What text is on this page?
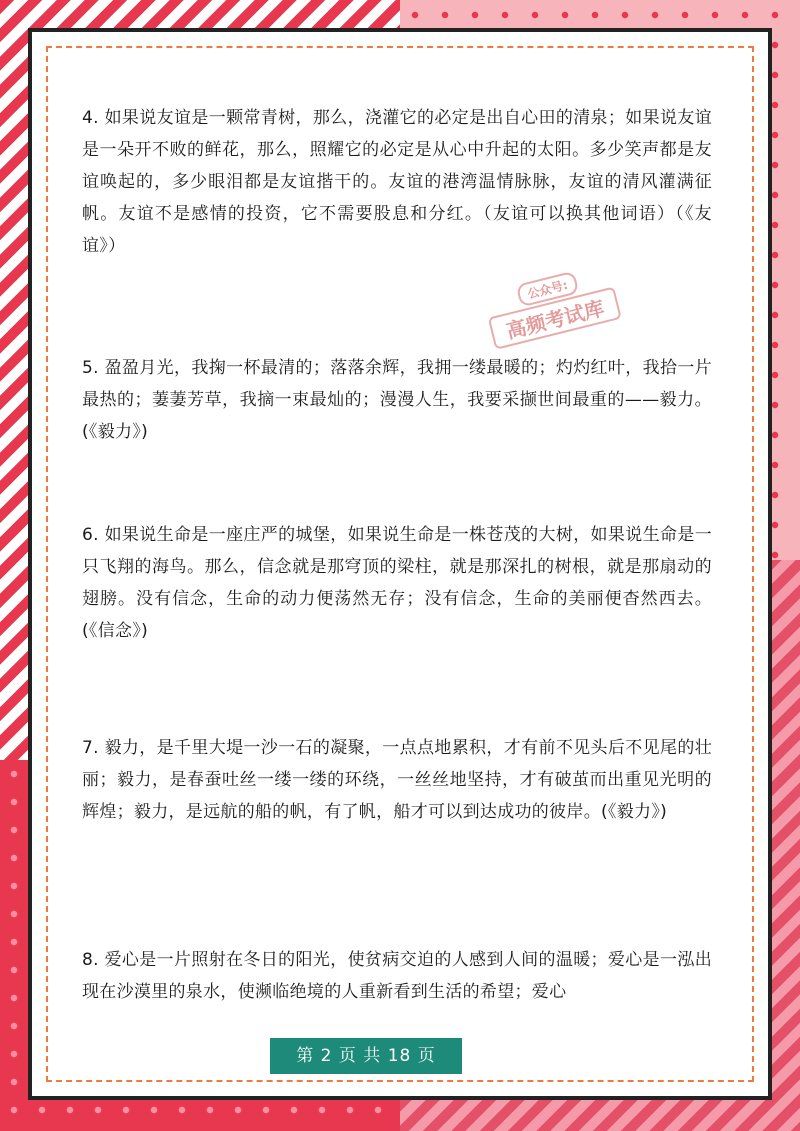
4. 如果说友谊是一颗常青树，那么，浇灌它的必定是出自心田的清泉；如果说友谊是一朵开不败的鲜花，那么，照耀它的必定是从心中升起的太阳。多少笑声都是友谊唤起的，多少眼泪都是友谊揩干的。友谊的港湾温情脉脉，友谊的清风灌满征帆。友谊不是感情的投资，它不需要股息和分红。（友谊可以换其他词语）（《友谊》）

公众号:
高频考试库

5. 盈盈月光，我掬一杯最清的；落落余辉，我拥一缕最暖的；灼灼红叶，我拾一片最热的；萋萋芳草，我摘一束最灿的；漫漫人生，我要采撷世间最重的——毅力。(《毅力》)

6. 如果说生命是一座庄严的城堡，如果说生命是一株苍茂的大树，如果说生命是一只飞翔的海鸟。那么，信念就是那穹顶的梁柱，就是那深扎的树根，就是那扇动的翅膀。没有信念，生命的动力便荡然无存；没有信念，生命的美丽便杳然西去。(《信念》)

7. 毅力，是千里大堤一沙一石的凝聚，一点点地累积，才有前不见头后不见尾的壮丽；毅力，是春蚕吐丝一缕一缕的环绕，一丝丝地坚持，才有破茧而出重见光明的辉煌；毅力，是远航的船的帆，有了帆，船才可以到达成功的彼岸。(《毅力》)

8. 爱心是一片照射在冬日的阳光，使贫病交迫的人感到人间的温暖；爱心是一泓出现在沙漠里的泉水，使濒临绝境的人重新看到生活的希望；爱心

第 2 页 共 18 页
